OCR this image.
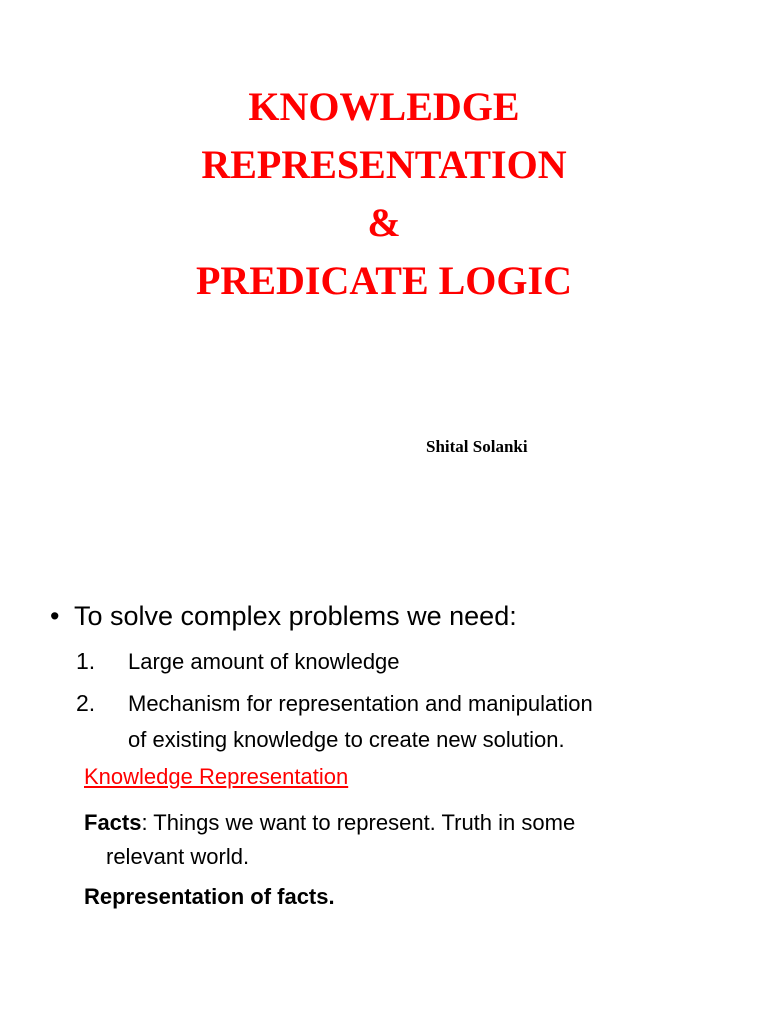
KNOWLEDGE
REPRESENTATION
&
PREDICATE LOGIC
Shital Solanki
• To solve complex problems we need:
1. Large amount of knowledge
2. Mechanism for representation and manipulation
of existing knowledge to create new solution.
Knowledge Representation
Facts: Things we want to represent. Truth in some
relevant world.
Representation of facts.
